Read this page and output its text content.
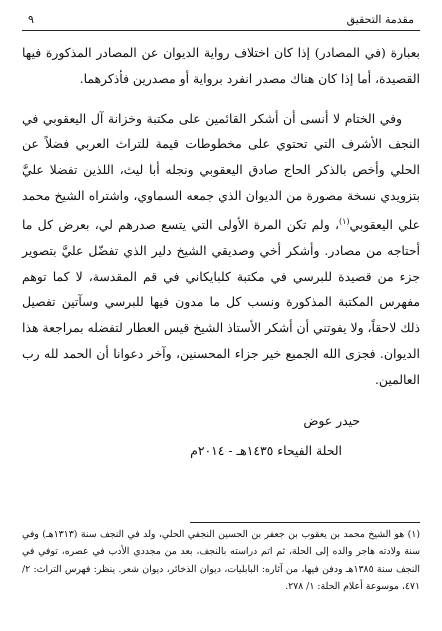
مقدمة التحقيق
٩

بعبارة (في المصادر) إذا كان اختلاف رواية الديوان عن المصادر المذكورة فيها القصيدة، أما إذا كان هناك مصدر انفرد برواية أو مصدرين فأذكرهما.

وفي الختام لا أنسى أن أشكر القائمين على مكتبة وخزانة آل اليعقوبي في النجف الأشرف التي تحتوي على مخطوطات قيمة للتراث العربي فضلاً عن الحلي وأخص بالذكر الحاج صادق اليعقوبي ونجله أبا ليث، اللذين تفضلا عليَّ بتزويدي نسخة مصورة من الديوان الذي جمعه السماوي، واشتراه الشيخ محمد علي اليعقوبي$^{(١)}$، ولم تكن المرة الأولى التي يتسع صدرهم لي، بعرض كل ما أحتاجه من مصادر. وأشكر أخي وصديقي الشيخ دلير الذي تفضّل عليَّ بتصوير جزء من قصيدة للبرسي في مكتبة كلبايكاني في قم المقدسة، لا كما توهم مفهرس المكتبة المذكورة ونسب كل ما مدون فيها للبرسي وسآتين تفصيل ذلك لاحقاً، ولا يفوتني أن أشكر الأستاذ الشيخ قيس العطار لتفضله بمراجعة هذا الديوان. فجزى الله الجميع خير جزاء المحسنين، وآخر دعوانا أن الحمد لله رب العالمين.

حيدر عوض
الحلة الفيحاء ١٤٣٥هـ - ٢٠١٤م
(١) هو الشيخ محمد بن يعقوب بن جعفر بن الحسين النجفي الحلي، ولد في النجف سنة (١٣١٣هـ) وفي سنة ولادته هاجر والده إلى الحلة، ثم اتم دراسته بالنجف، بعد من مجددي الأدب في عصره، توفي في النجف سنة ١٣٨٥هـ ودفن فيها، من آثاره: البابليات، ديوان الذخائر، ديوان شعر. ينظر: فهرس التراث: ٢/ ٤٧١، موسوعة أعلام الحلة: ١/ ٢٧٨.
